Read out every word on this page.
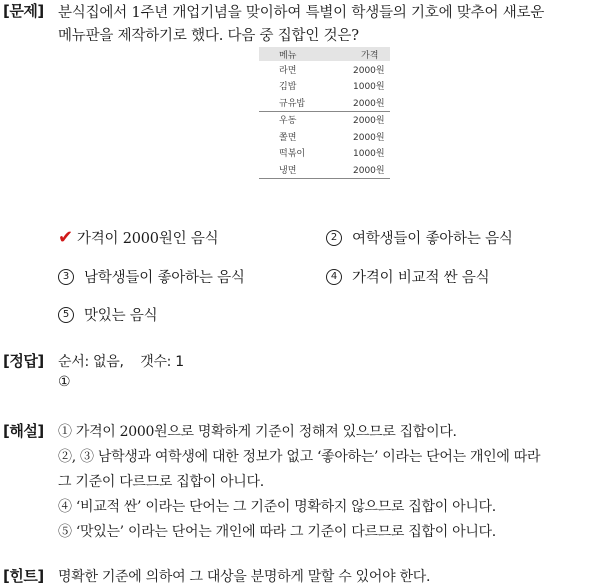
[문제] 분식집에서 1주년 개업기념을 맞이하여 특별이 학생들의 기호에 맞추어 새로운
메뉴판을 제작하기로 했다. 다음 중 집합인 것은?
메뉴	가격
라면	2000원
김밥	1000원
규유밥	2000원
우동	2000원
쫄면	2000원
떡볶이	1000원
냉면	2000원
✔ 가격이 2000원인 음식	2	여학생들이 좋아하는 음식
3	남학생들이 좋아하는 음식	4	가격이 비교적 싼 음식
5	맛있는 음식
[정답] 순서: 없음,    갯수: 1
①
[해설] ① 가격이 2000원으로 명확하게 기준이 정해져 있으므로 집합이다.
②, ③ 남학생과 여학생에 대한 정보가 없고 ‘좋아하는’ 이라는 단어는 개인에 따라
그 기준이 다르므로 집합이 아니다.
④ ‘비교적 싼’ 이라는 단어는 그 기준이 명확하지 않으므로 집합이 아니다.
⑤ ‘맛있는’ 이라는 단어는 개인에 따라 그 기준이 다르므로 집합이 아니다.
[힌트] 명확한 기준에 의하여 그 대상을 분명하게 말할 수 있어야 한다.
